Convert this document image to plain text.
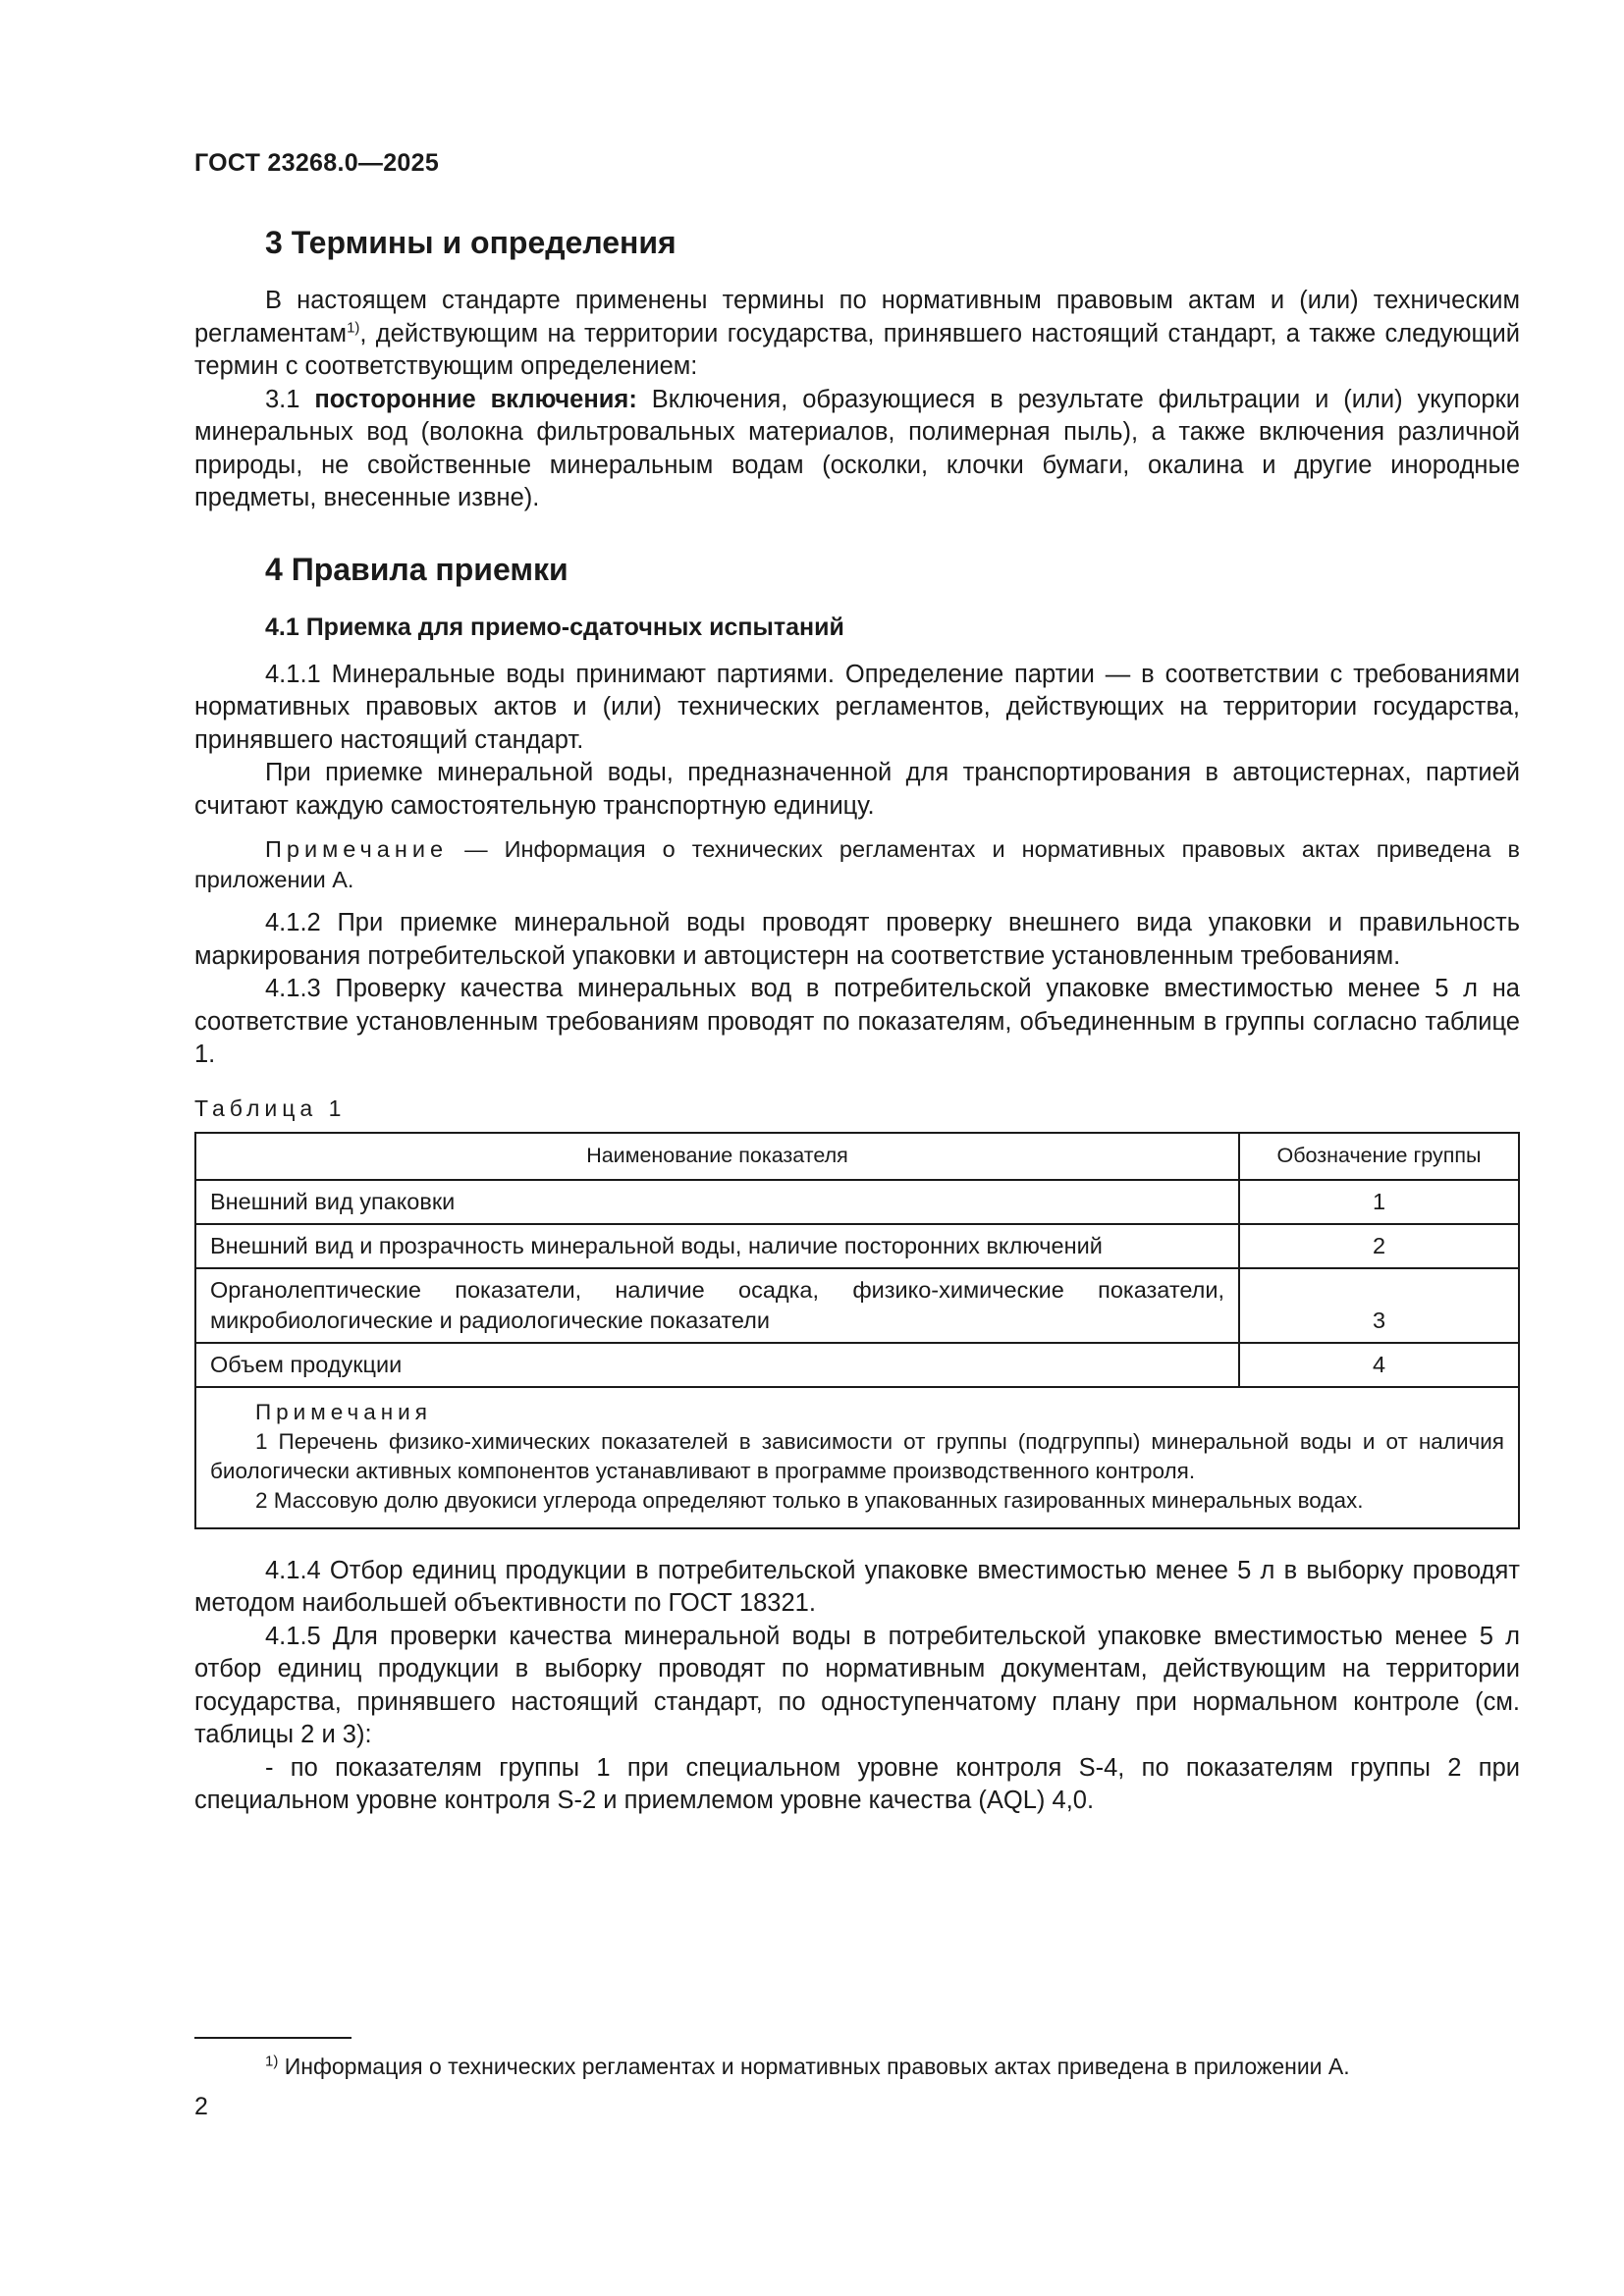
ГОСТ 23268.0—2025
3 Термины и определения

В настоящем стандарте применены термины по нормативным правовым актам и (или) техническим регламентам$^{1)}$, действующим на территории государства, принявшего настоящий стандарт, а также следующий термин с соответствующим определением:

3.1 посторонние включения: Включения, образующиеся в результате фильтрации и (или) укупорки минеральных вод (волокна фильтровальных материалов, полимерная пыль), а также включения различной природы, не свойственные минеральным водам (осколки, клочки бумаги, окалина и другие инородные предметы, внесенные извне).

4 Правила приемки
4.1 Приемка для приемо-сдаточных испытаний

4.1.1 Минеральные воды принимают партиями. Определение партии — в соответствии с требованиями нормативных правовых актов и (или) технических регламентов, действующих на территории государства, принявшего настоящий стандарт.

При приемке минеральной воды, предназначенной для транспортирования в автоцистернах, партией считают каждую самостоятельную транспортную единицу.

Примечание — Информация о технических регламентах и нормативных правовых актах приведена в приложении А.

4.1.2 При приемке минеральной воды проводят проверку внешнего вида упаковки и правильность маркирования потребительской упаковки и автоцистерн на соответствие установленным требованиям.

4.1.3 Проверку качества минеральных вод в потребительской упаковке вместимостью менее 5 л на соответствие установленным требованиям проводят по показателям, объединенным в группы согласно таблице 1.

Таблица 1
Наименование показателя	Обозначение группы
Внешний вид упаковки	1
Внешний вид и прозрачность минеральной воды, наличие посторонних включений	2
Органолептические показатели, наличие осадка, физико-химические показатели, микробиологические и радиологические показатели	3
Объем продукции	4

Примечания

1 Перечень физико-химических показателей в зависимости от группы (подгруппы) минеральной воды и от наличия биологически активных компонентов устанавливают в программе производственного контроля.

2 Массовую долю двуокиси углерода определяют только в упакованных газированных минеральных водах.	

4.1.4 Отбор единиц продукции в потребительской упаковке вместимостью менее 5 л в выборку проводят методом наибольшей объективности по ГОСТ 18321.

4.1.5 Для проверки качества минеральной воды в потребительской упаковке вместимостью менее 5 л отбор единиц продукции в выборку проводят по нормативным документам, действующим на территории государства, принявшего настоящий стандарт, по одноступенчатому плану при нормальном контроле (см. таблицы 2 и 3):

- по показателям группы 1 при специальном уровне контроля S-4, по показателям группы 2 при специальном уровне контроля S-2 и приемлемом уровне качества (AQL) 4,0.

$^{1)}$ Информация о технических регламентах и нормативных правовых актах приведена в приложении А.
2
